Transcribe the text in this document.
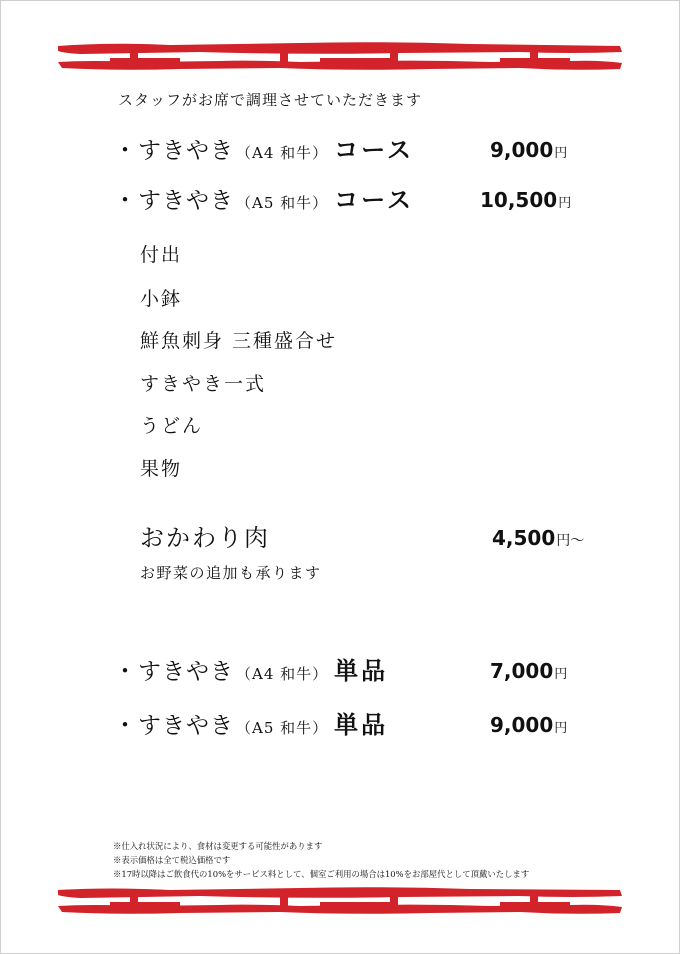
スタッフがお席で調理させていただきます
・ すきやき （A4 和牛） コース	9,000円
・ すきやき （A5 和牛） コース	10,500円
付出
小鉢
鮮魚刺身 三種盛合せ
すきやき一式
うどん
果物
おかわり肉	4,500円～
お野菜の追加も承ります
・ すきやき （A4 和牛） 単品	7,000円
・ すきやき （A5 和牛） 単品	9,000円
※仕入れ状況により、食材は変更する可能性があります
※表示価格は全て税込価格です
※17時以降はご飲食代の10%をサービス料として、個室ご利用の場合は10%をお部屋代として頂戴いたします
